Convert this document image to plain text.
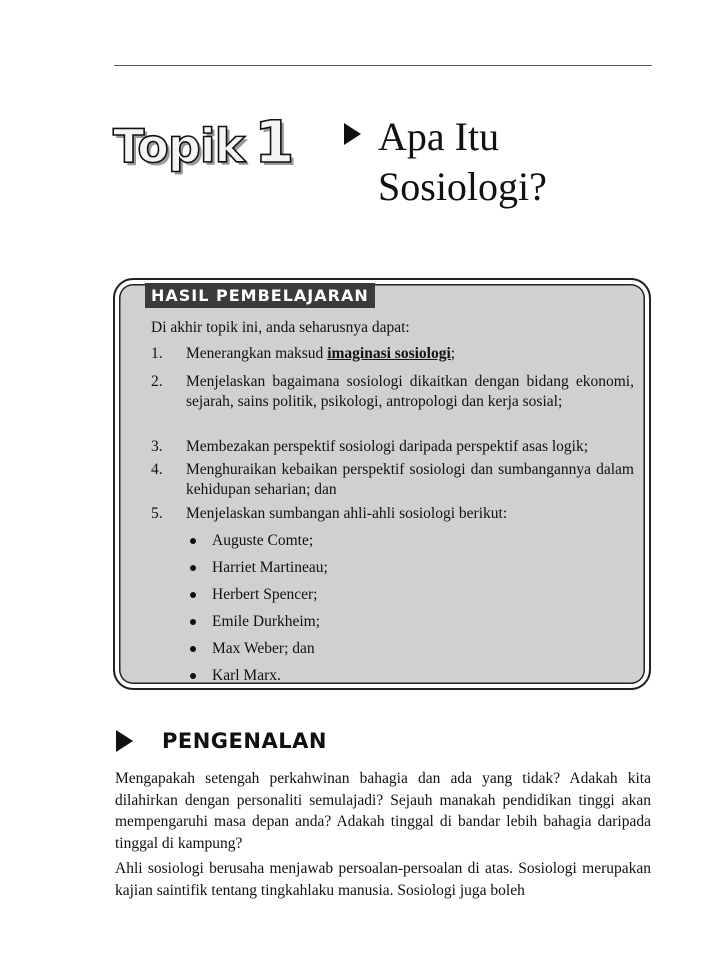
Topik 1 Apa Itu
Sosiologi?
HASIL PEMBELAJARAN
Di akhir topik ini, anda seharusnya dapat:
1. Menerangkan maksud imaginasi sosiologi;
2. Menjelaskan bagaimana sosiologi dikaitkan dengan bidang ekonomi, sejarah, sains politik, psikologi, antropologi dan kerja sosial;
3. Membezakan perspektif sosiologi daripada perspektif asas logik;
4. Menghuraikan kebaikan perspektif sosiologi dan sumbangannya dalam kehidupan seharian; dan
5. Menjelaskan sumbangan ahli-ahli sosiologi berikut:
Auguste Comte;
Harriet Martineau;
Herbert Spencer;
Emile Durkheim;
Max Weber; dan
Karl Marx.
PENGENALAN
Mengapakah setengah perkahwinan bahagia dan ada yang tidak? Adakah kita dilahirkan dengan personaliti semulajadi? Sejauh manakah pendidikan tinggi akan mempengaruhi masa depan anda? Adakah tinggal di bandar lebih bahagia daripada tinggal di kampung?
Ahli sosiologi berusaha menjawab persoalan-persoalan di atas. Sosiologi merupakan kajian saintifik tentang tingkahlaku manusia. Sosiologi juga boleh
